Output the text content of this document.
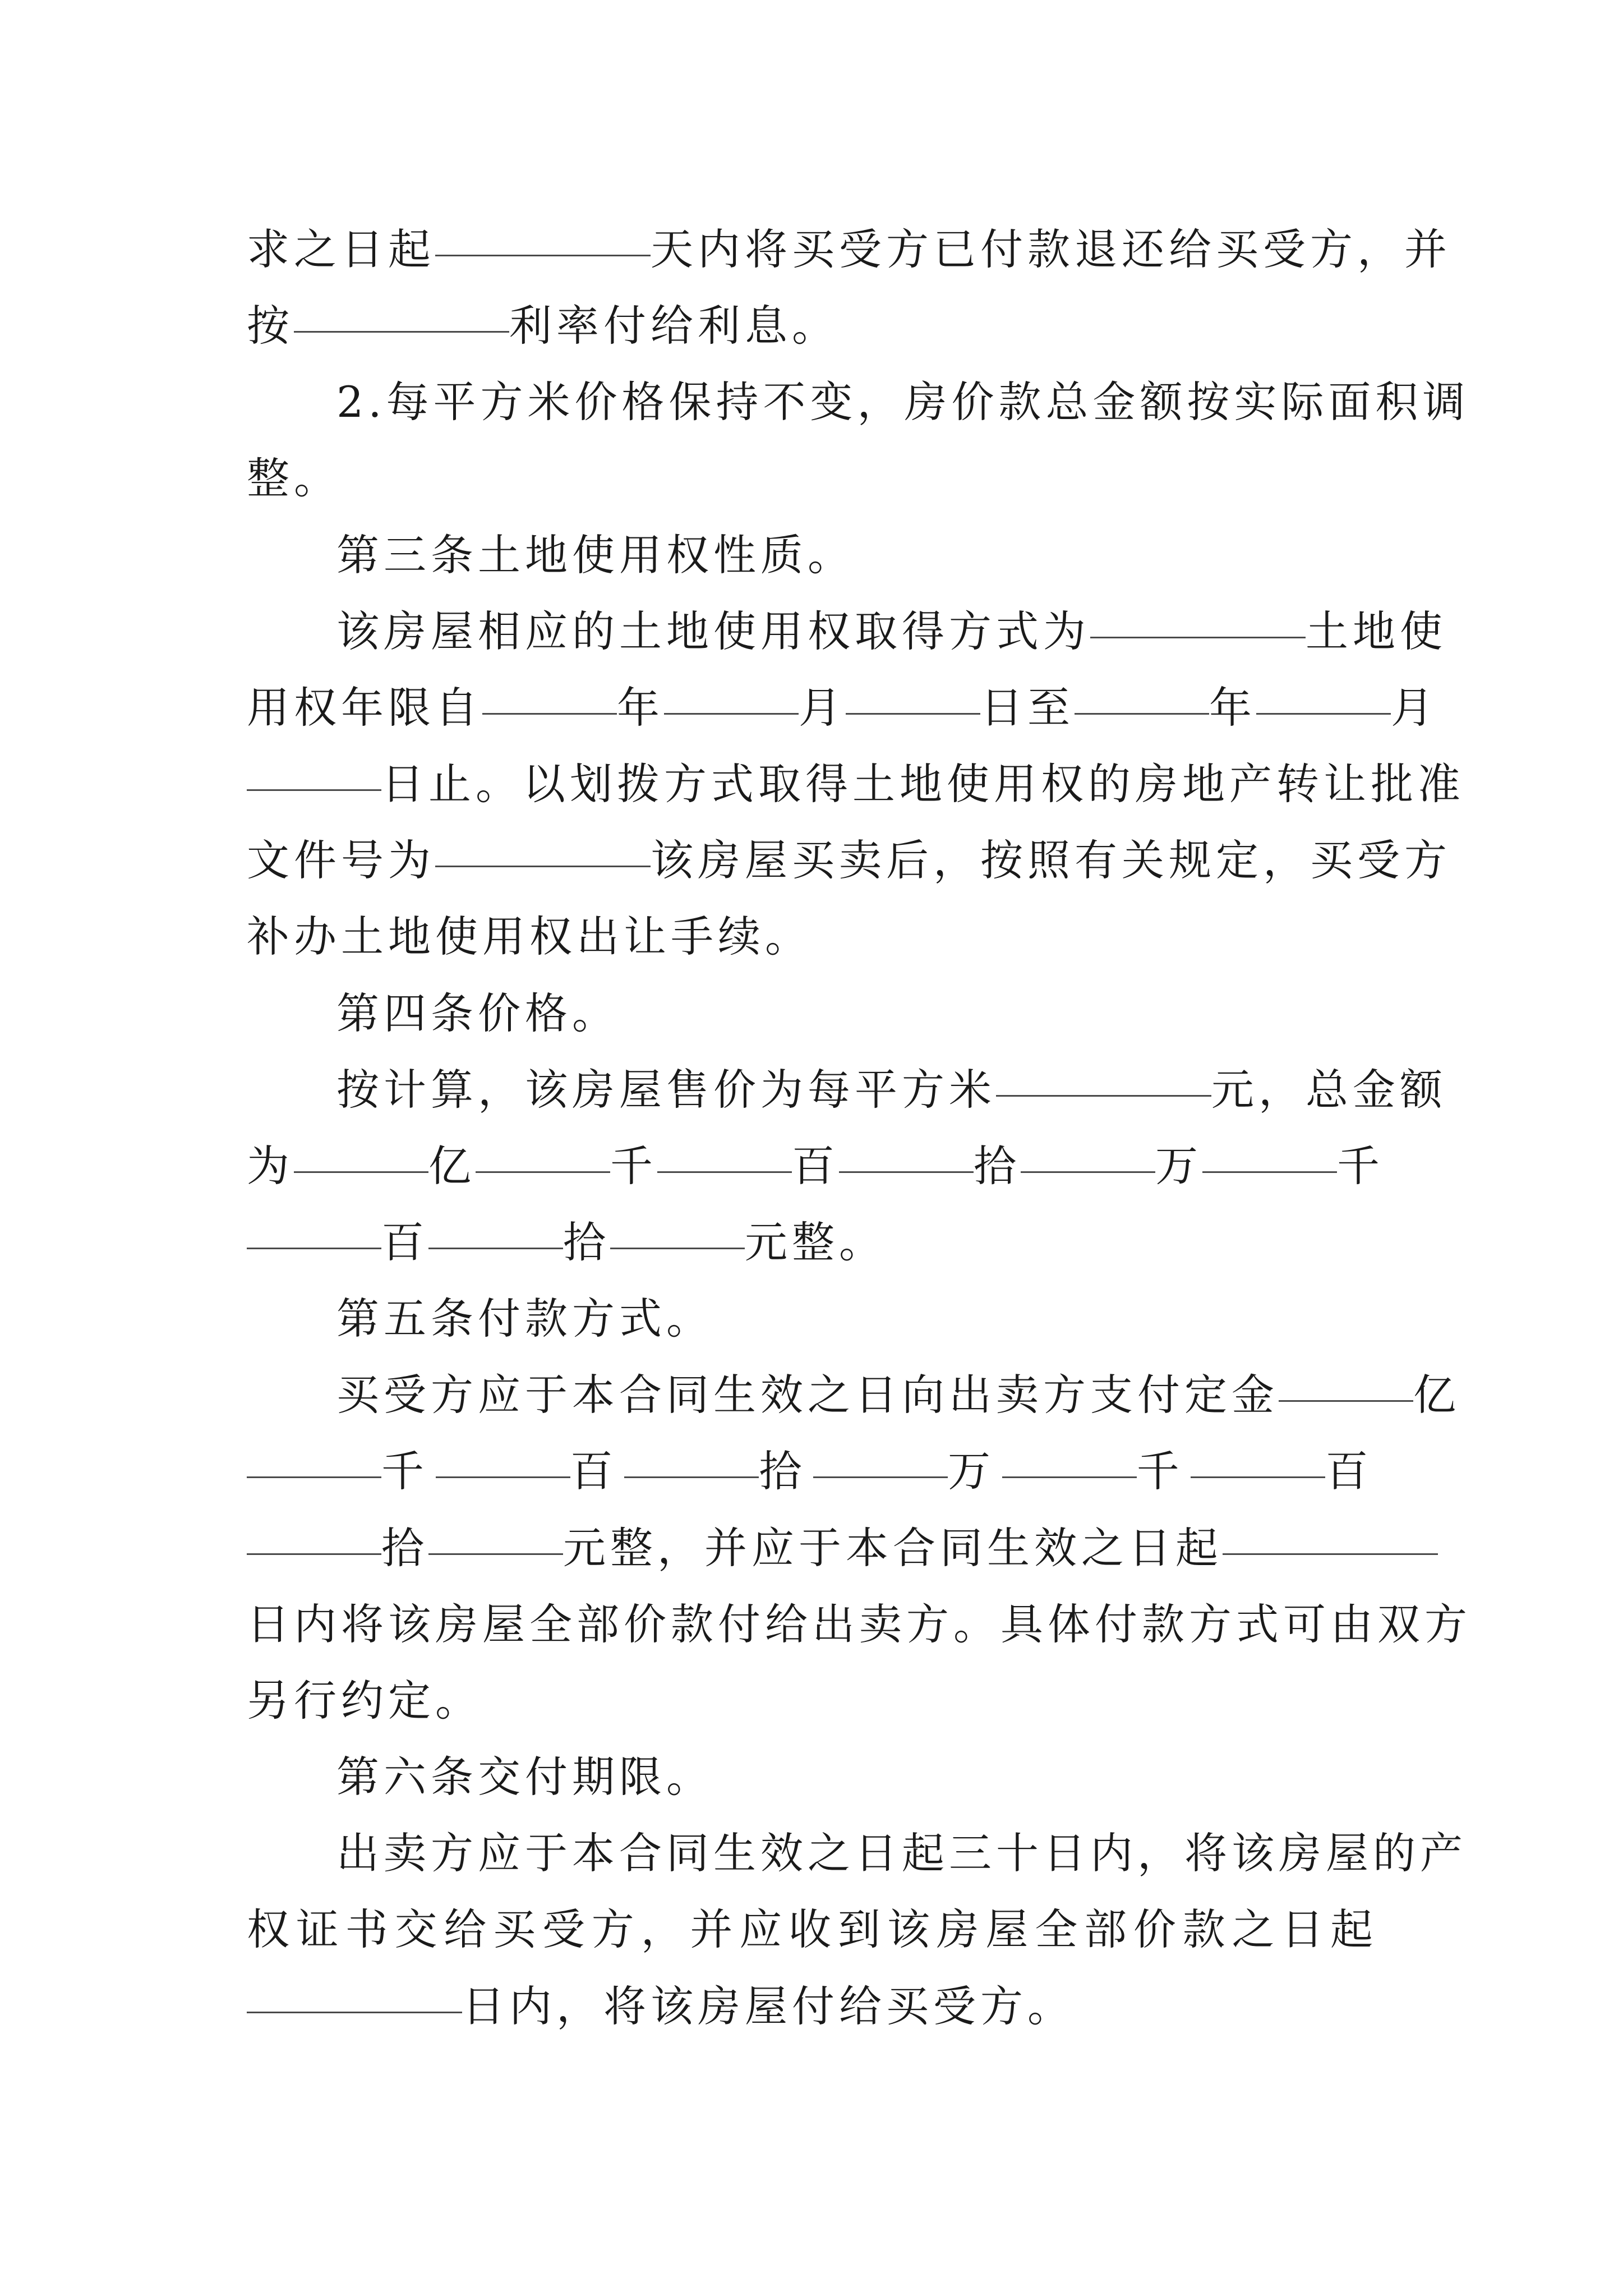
求之日起	天内将买受方已付款退还给买受方，并
按	利率付给利息。
2.每平方米价格保持不变，房价款总金额按实际面积调
整。
第三条土地使用权性质。
该房屋相应的土地使用权取得方式为	土地使
用权年限自	年	月	日至	年	月
日止。以划拨方式取得土地使用权的房地产转让批准
文件号为	该房屋买卖后，按照有关规定，买受方
补办土地使用权出让手续。
第四条价格。
按计算，该房屋售价为每平方米	元，总金额
为	亿	千	百	拾	万	千
百	拾	元整。
第五条付款方式。
买受方应于本合同生效之日向出卖方支付定金	亿
千	百	拾	万	千	百
拾	元整，并应于本合同生效之日起
日内将该房屋全部价款付给出卖方。具体付款方式可由双方
另行约定。
第六条交付期限。
出卖方应于本合同生效之日起三十日内，将该房屋的产
权证书交给买受方，并应收到该房屋全部价款之日起
日内，将该房屋付给买受方。
